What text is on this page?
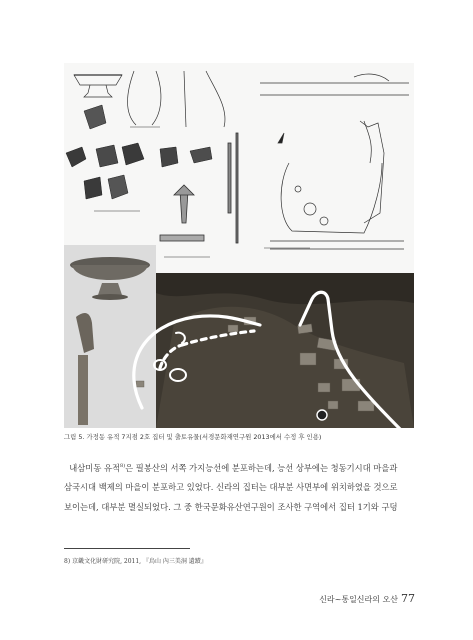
그림 5. 가정동 유적 7지점 2호 집터 및 출토유물(서경문화재연구원 2013에서 수정 후 인용)

내삼미동 유적$^{8)}$은 필봉산의 서쪽 가지능선에 분포하는데, 능선 상부에는 청동기시대 마을과

삼국시대 백제의 마을이 분포하고 있었다. 신라의 집터는 대부분 사면부에 위치하였을 것으로

보이는데, 대부분 멸실되었다. 그 중 한국문화유산연구원이 조사한 구역에서 집터 1기와 구덩

8) 京畿文化財研究院, 2011, 『烏山 內三美洞 遺蹟』
신라~통일신라의 오산 77
